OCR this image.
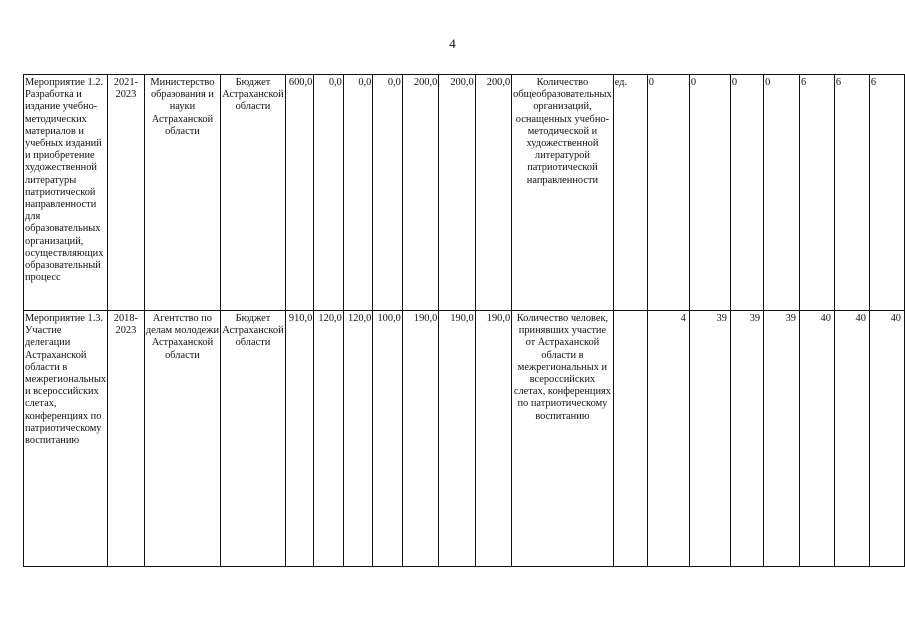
4
Мероприятие 1.2. Разработка и издание учебно-методических материалов и учебных изданий и приобретение художественной литературы патриотической направленности для образовательных организаций, осуществляющих образовательный процесс	2021-2023	Министерство образования и науки Астраханской области	Бюджет Астраханской области	600,0	0,0	0,0	0,0	200,0	200,0	200,0	Количество общеобразовательных организаций, оснащенных учебно-методической и художественной литературой патриотической направленности	ед.	0	0	0	0	6	6	6
Мероприятие 1.3. Участие делегации Астраханской области в межрегиональных и всероссийских слетах, конференциях по патриотическому воспитанию	2018-2023	Агентство по делам молодежи Астраханской области	Бюджет Астраханской области	910,0	120,0	120,0	100,0	190,0	190,0	190,0	Количество человек, принявших участие от Астраханской области в межрегиональных и всероссийских слетах, конференциях по патриотическому воспитанию		4	39	39	39	40	40	40
